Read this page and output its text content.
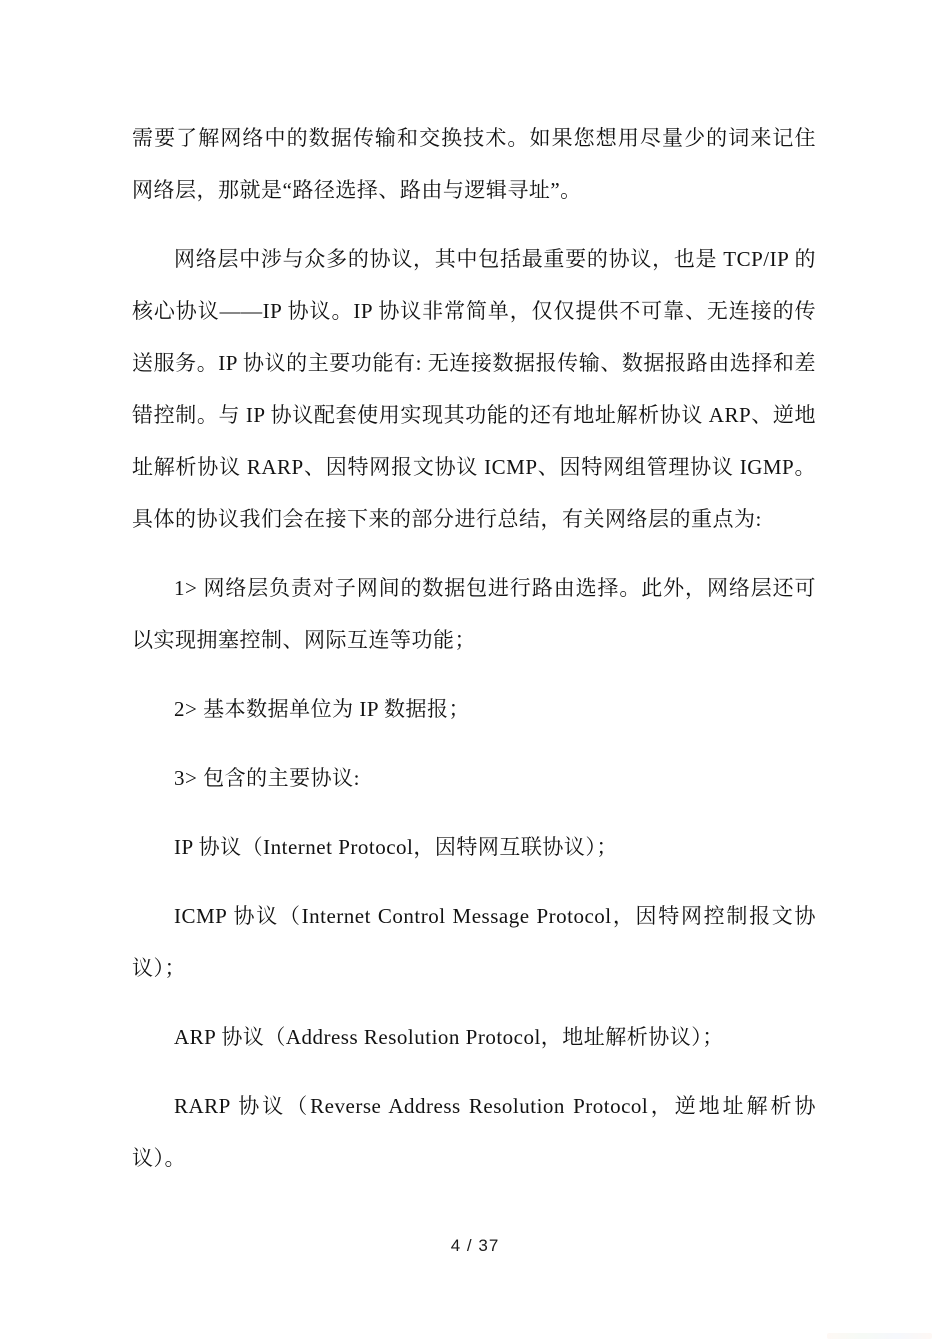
需要了解网络中的数据传输和交换技术。如果您想用尽量少的词来记住网络层，那就是“路径选择、路由与逻辑寻址”。

网络层中涉与众多的协议，其中包括最重要的协议，也是 TCP/IP 的核心协议——IP 协议。IP 协议非常简单，仅仅提供不可靠、无连接的传送服务。IP 协议的主要功能有: 无连接数据报传输、数据报路由选择和差错控制。与 IP 协议配套使用实现其功能的还有地址解析协议 ARP、逆地址解析协议 RARP、因特网报文协议 ICMP、因特网组管理协议 IGMP。具体的协议我们会在接下来的部分进行总结，有关网络层的重点为:

1> 网络层负责对子网间的数据包进行路由选择。此外，网络层还可以实现拥塞控制、网际互连等功能；

2> 基本数据单位为 IP 数据报；

3> 包含的主要协议:

IP 协议（Internet Protocol，因特网互联协议）；

ICMP 协议（Internet Control Message Protocol，因特网控制报文协议）；

ARP 协议（Address Resolution Protocol，地址解析协议）；

RARP 协议（Reverse Address Resolution Protocol，逆地址解析协议）。

4 / 37
